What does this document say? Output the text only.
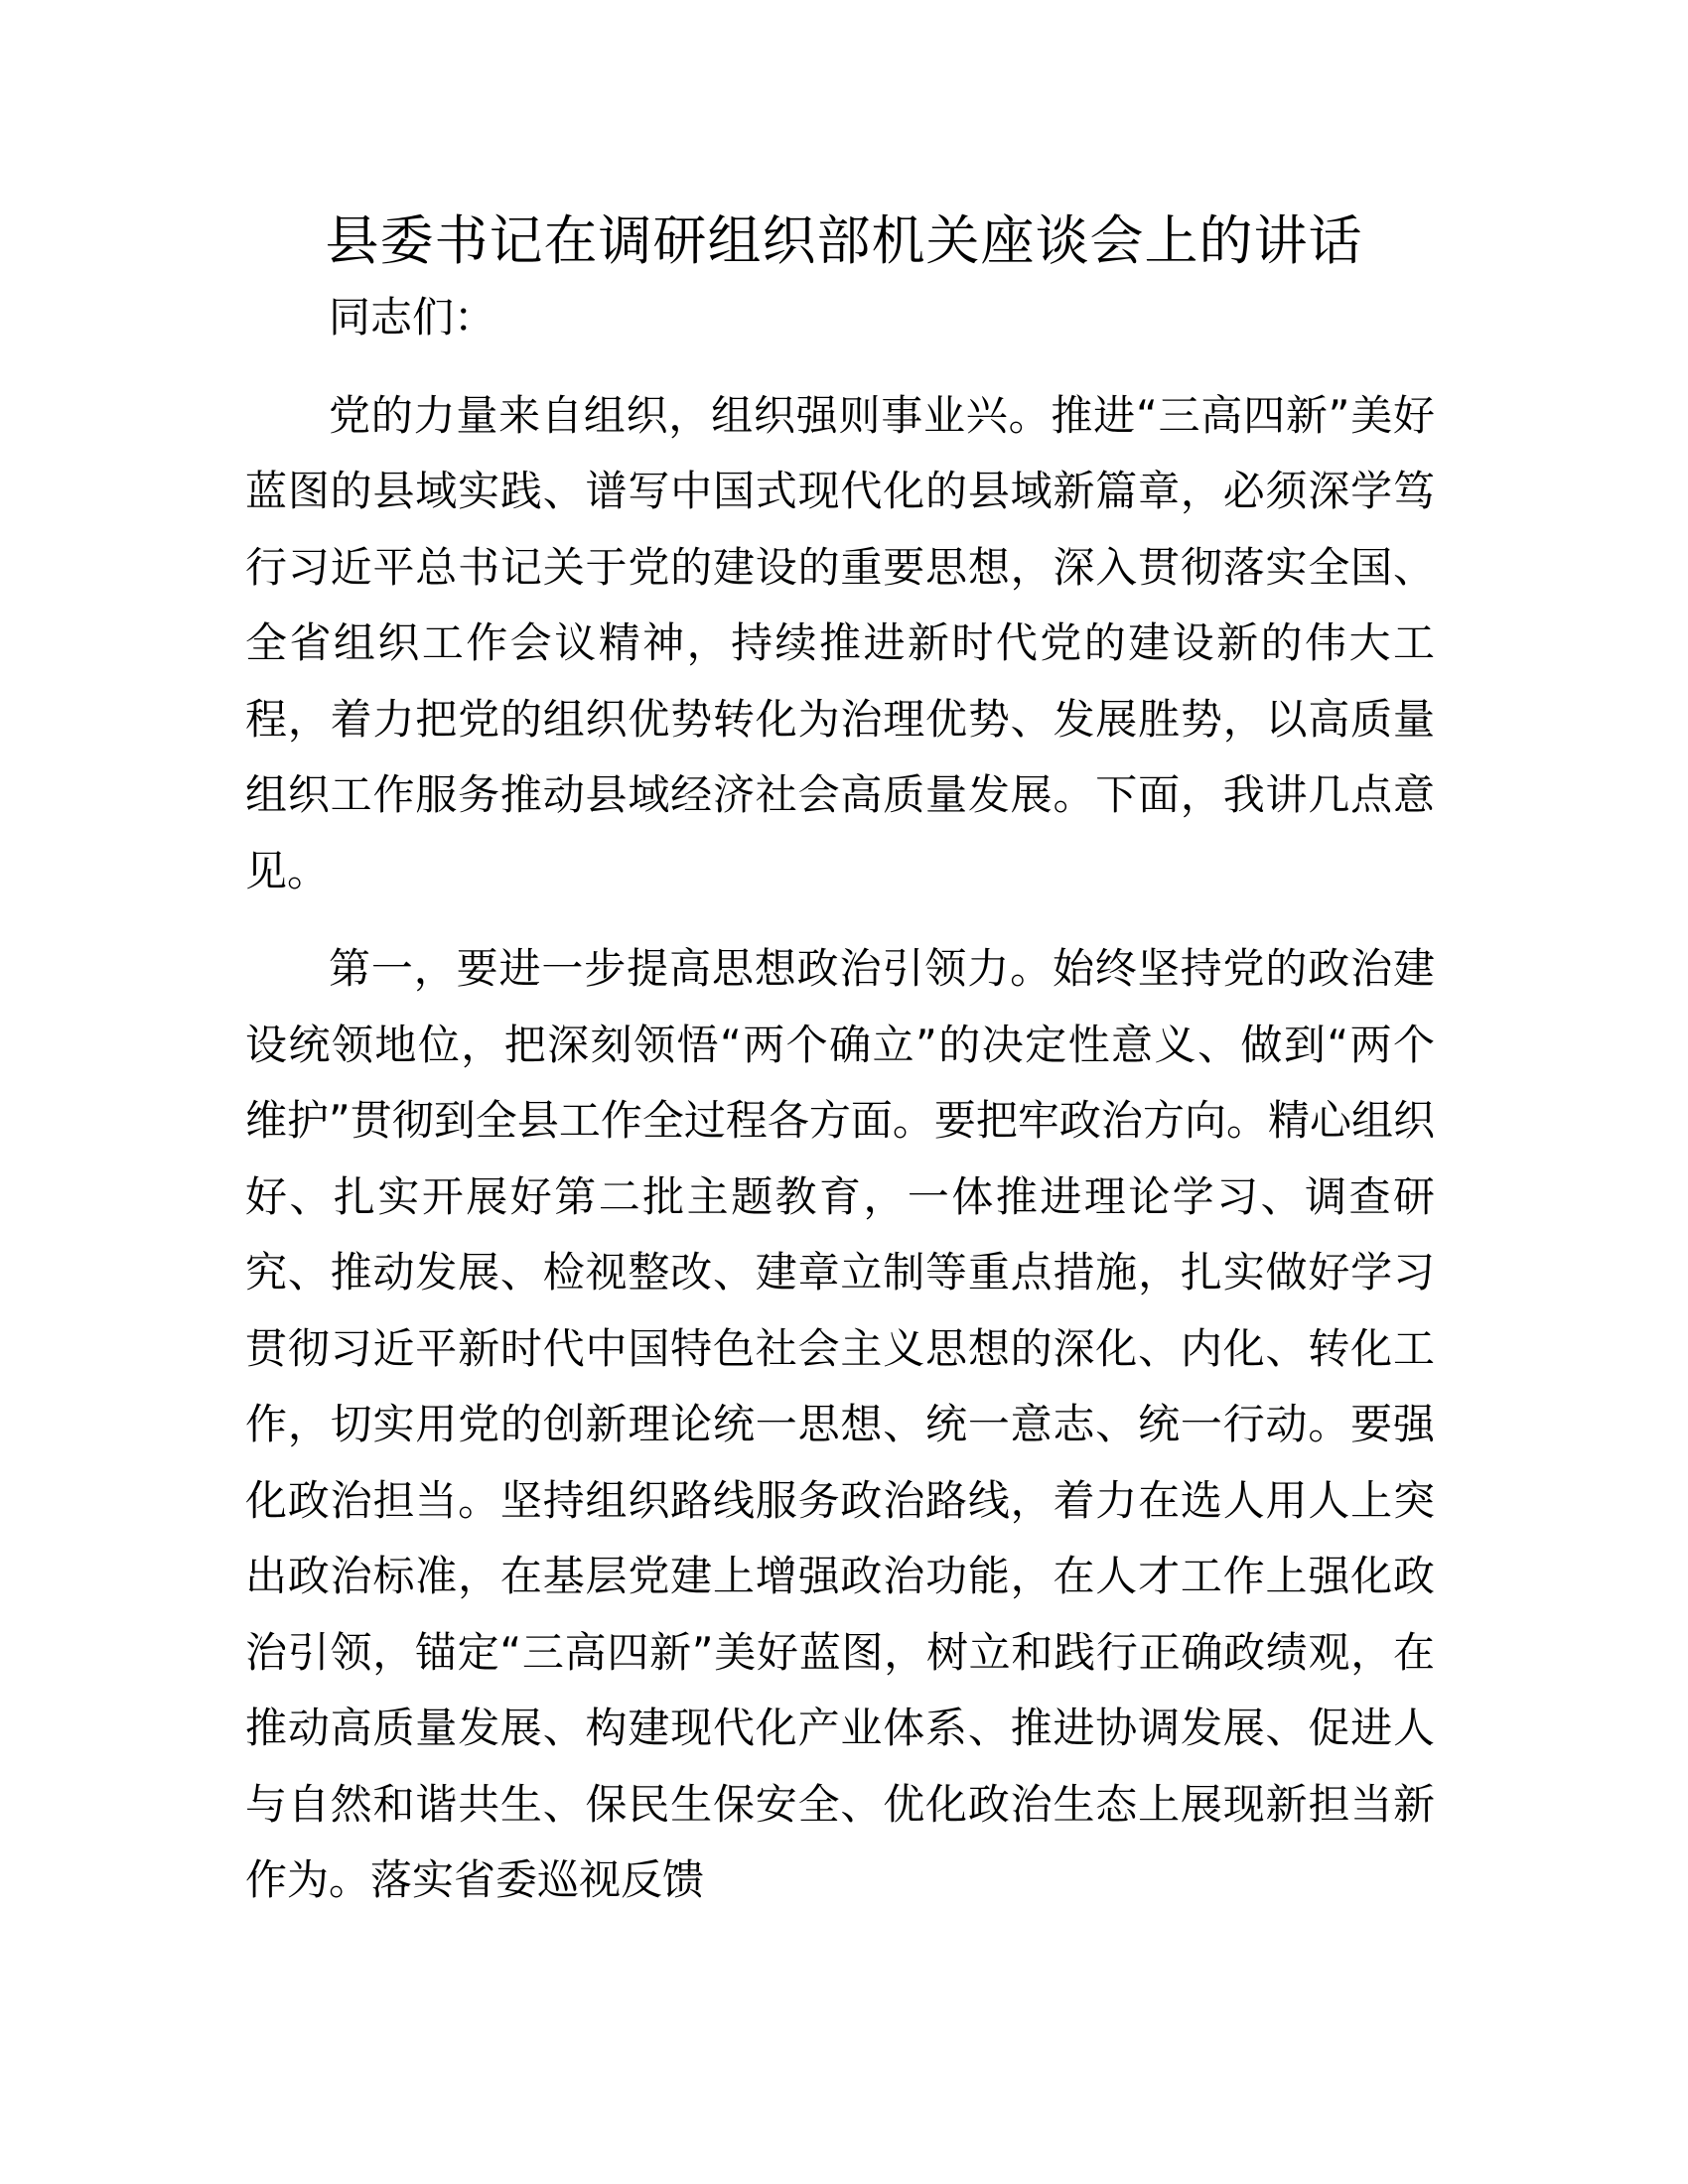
县委书记在调研组织部机关座谈会上的讲话

同志们：

党的力量来自组织，组织强则事业兴。推进“三高四新”美好蓝图的县域实践、谱写中国式现代化的县域新篇章，必须深学笃行习近平总书记关于党的建设的重要思想，深入贯彻落实全国、全省组织工作会议精神，持续推进新时代党的建设新的伟大工程，着力把党的组织优势转化为治理优势、发展胜势，以高质量组织工作服务推动县域经济社会高质量发展。下面，我讲几点意见。

第一，要进一步提高思想政治引领力。始终坚持党的政治建设统领地位，把深刻领悟“两个确立”的决定性意义、做到“两个维护”贯彻到全县工作全过程各方面。要把牢政治方向。精心组织好、扎实开展好第二批主题教育，一体推进理论学习、调查研究、推动发展、检视整改、建章立制等重点措施，扎实做好学习贯彻习近平新时代中国特色社会主义思想的深化、内化、转化工作，切实用党的创新理论统一思想、统一意志、统一行动。要强化政治担当。坚持组织路线服务政治路线，着力在选人用人上突出政治标准，在基层党建上增强政治功能，在人才工作上强化政治引领，锚定“三高四新”美好蓝图，树立和践行正确政绩观，在推动高质量发展、构建现代化产业体系、推进协调发展、促进人与自然和谐共生、保民生保安全、优化政治生态上展现新担当新作为。落实省委巡视反馈
